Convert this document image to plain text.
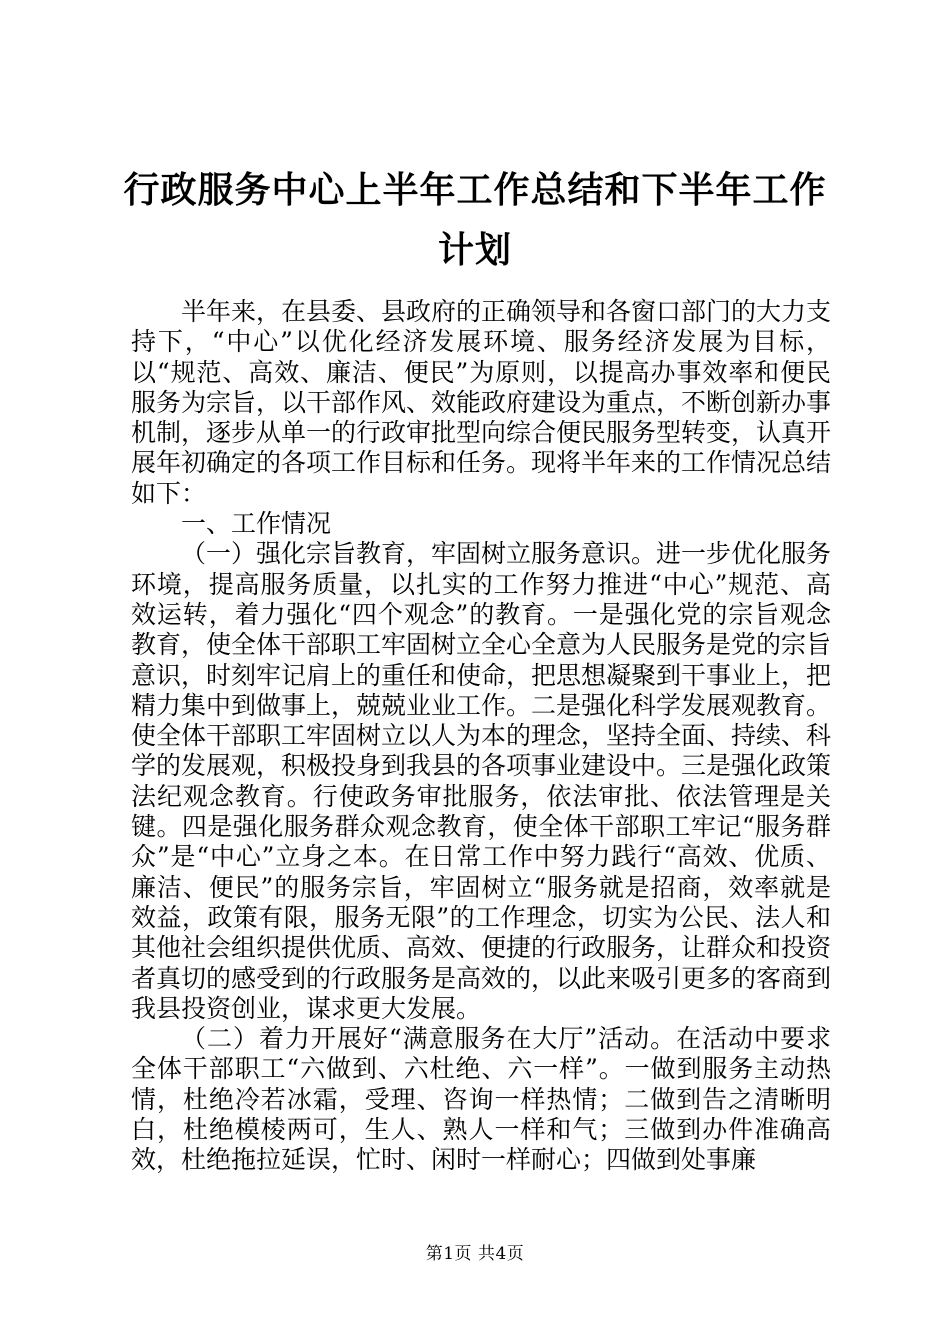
行政服务中心上半年工作总结和下半年工作计划

半年来，在县委、县政府的正确领导和各窗口部门的大力支持下，“中心”以优化经济发展环境、服务经济发展为目标，以“规范、高效、廉洁、便民”为原则，以提高办事效率和便民服务为宗旨，以干部作风、效能政府建设为重点，不断创新办事机制，逐步从单一的行政审批型向综合便民服务型转变，认真开展年初确定的各项工作目标和任务。现将半年来的工作情况总结如下：

一、工作情况

（一）强化宗旨教育，牢固树立服务意识。进一步优化服务环境，提高服务质量，以扎实的工作努力推进“中心”规范、高效运转，着力强化“四个观念”的教育。一是强化党的宗旨观念教育，使全体干部职工牢固树立全心全意为人民服务是党的宗旨意识，时刻牢记肩上的重任和使命，把思想凝聚到干事业上，把精力集中到做事上，兢兢业业工作。二是强化科学发展观教育。使全体干部职工牢固树立以人为本的理念，坚持全面、持续、科学的发展观，积极投身到我县的各项事业建设中。三是强化政策法纪观念教育。行使政务审批服务，依法审批、依法管理是关键。四是强化服务群众观念教育，使全体干部职工牢记“服务群众”是“中心”立身之本。在日常工作中努力践行“高效、优质、廉洁、便民”的服务宗旨，牢固树立“服务就是招商，效率就是效益，政策有限，服务无限”的工作理念，切实为公民、法人和其他社会组织提供优质、高效、便捷的行政服务，让群众和投资者真切的感受到的行政服务是高效的，以此来吸引更多的客商到我县投资创业，谋求更大发展。

（二）着力开展好“满意服务在大厅”活动。在活动中要求全体干部职工“六做到、六杜绝、六一样”。一做到服务主动热情，杜绝冷若冰霜，受理、咨询一样热情；二做到告之清晰明白，杜绝模棱两可，生人、熟人一样和气；三做到办件准确高效，杜绝拖拉延误，忙时、闲时一样耐心；四做到处事廉

第1页 共4页
